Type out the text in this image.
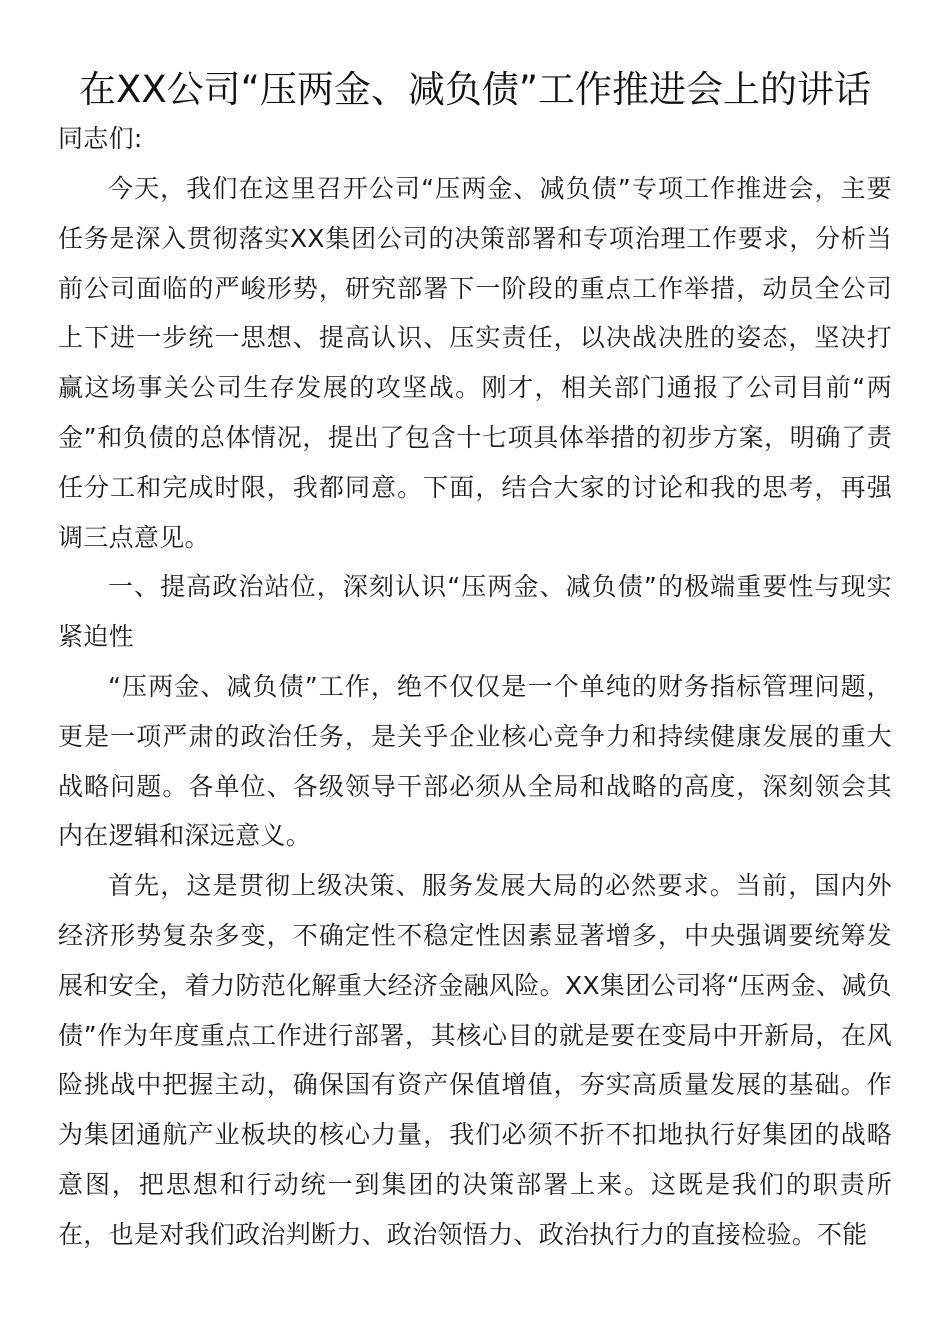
在XX公司“压两金、减负债”工作推进会上的讲话

同志们:

今天，我们在这里召开公司“压两金、减负债”专项工作推进会，主要任务是深入贯彻落实XX集团公司的决策部署和专项治理工作要求，分析当前公司面临的严峻形势，研究部署下一阶段的重点工作举措，动员全公司上下进一步统一思想、提高认识、压实责任，以决战决胜的姿态，坚决打赢这场事关公司生存发展的攻坚战。刚才，相关部门通报了公司目前“两金”和负债的总体情况，提出了包含十七项具体举措的初步方案，明确了责任分工和完成时限，我都同意。下面，结合大家的讨论和我的思考，再强调三点意见。

一、提高政治站位，深刻认识“压两金、减负债”的极端重要性与现实紧迫性

“压两金、减负债”工作，绝不仅仅是一个单纯的财务指标管理问题，更是一项严肃的政治任务，是关乎企业核心竞争力和持续健康发展的重大战略问题。各单位、各级领导干部必须从全局和战略的高度，深刻领会其内在逻辑和深远意义。

首先，这是贯彻上级决策、服务发展大局的必然要求。当前，国内外经济形势复杂多变，不确定性不稳定性因素显著增多，中央强调要统筹发展和安全，着力防范化解重大经济金融风险。XX集团公司将“压两金、减负债”作为年度重点工作进行部署，其核心目的就是要在变局中开新局，在风险挑战中把握主动，确保国有资产保值增值，夯实高质量发展的基础。作为集团通航产业板块的核心力量，我们必须不折不扣地执行好集团的战略意图，把思想和行动统一到集团的决策部署上来。这既是我们的职责所在，也是对我们政治判断力、政治领悟力、政治执行力的直接检验。不能
